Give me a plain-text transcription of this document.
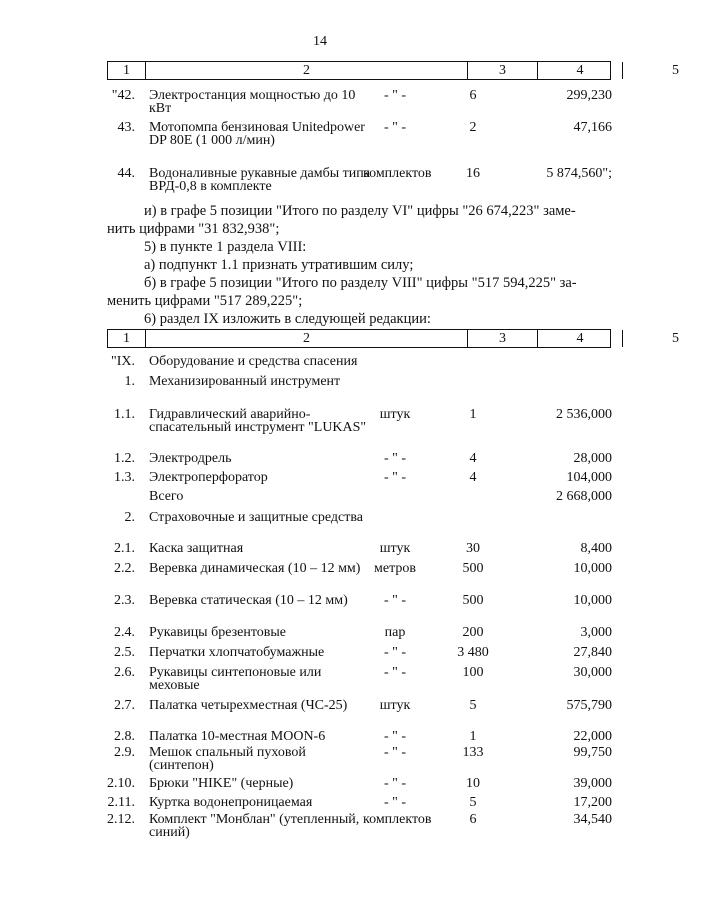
14
1	2	3	4	5
"42. Электростанция мощностью до 10 кВт
- " -	6	299,230
43. Мотопомпа бензиновая Unitedpower DP 80E (1 000 л/мин)
- " -	2	47,166
44. Водоналивные рукавные дамбы типа ВРД-0,8 в комплекте
комплектов	16	5 874,560";
и) в графе 5 позиции "Итого по разделу VI" цифры "26 674,223" заме-
нить цифрами "31 832,938";
5) в пункте 1 раздела VIII:
а) подпункт 1.1 признать утратившим силу;
б) в графе 5 позиции "Итого по разделу VIII" цифры "517 594,225" за-
менить цифрами "517 289,225";
6) раздел IX изложить в следующей редакции:
1	2	3	4	5
"IX. Оборудование и средства спасения
1. Механизированный инструмент
1.1. Гидравлический аварийно-спасательный инструмент "LUKAS"
штук	1	2 536,000
1.2. Электродрель	- " -	4	28,000
1.3. Электроперфоратор	- " -	4	104,000
Всего	2 668,000
2. Страховочные и защитные средства
2.1. Каска защитная	штук	30	8,400
2.2. Веревка динамическая (10 – 12 мм) метров	500	10,000
2.3. Веревка статическая (10 – 12 мм)	- " -	500	10,000
2.4. Рукавицы брезентовые	пар	200	3,000
2.5. Перчатки хлопчатобумажные	- " -	3 480	27,840
2.6. Рукавицы синтепоновые или меховые
- " -	100	30,000
2.7. Палатка четырехместная (ЧС-25)	штук	5	575,790
2.8. Палатка 10-местная MOON-6	- " -	1	22,000
2.9. Мешок спальный пуховой (синтепон)
- " -	133	99,750
2.10. Брюки "HIKE" (черные)	- " -	10	39,000
2.11. Куртка водонепроницаемая	- " -	5	17,200
2.12. Комплект "Монблан" (утепленный, синий)
комплектов	6	34,540
